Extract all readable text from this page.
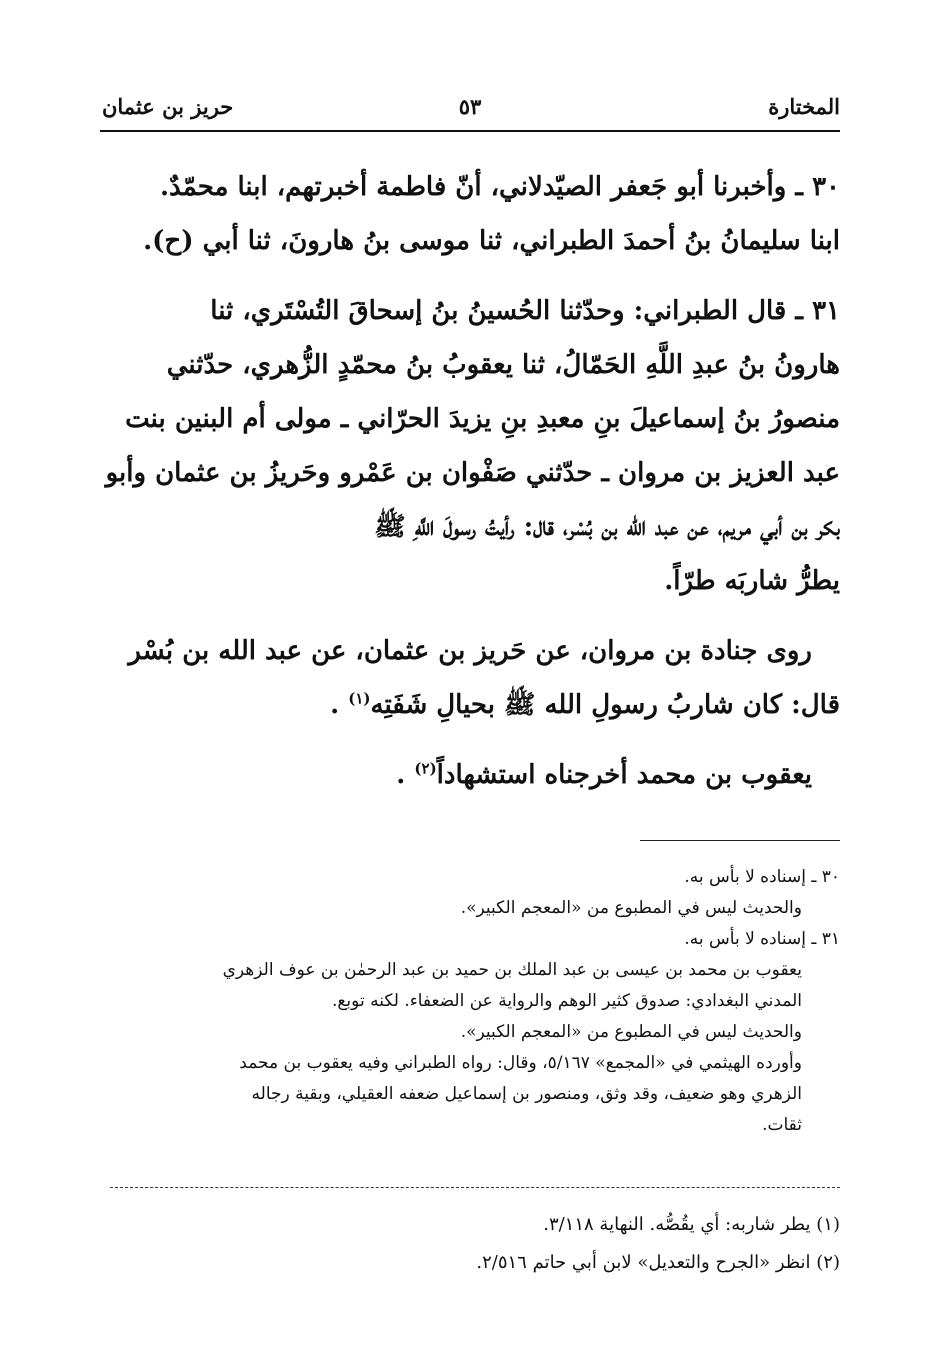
المختارة
٥٣
حريز بن عثمان

٣٠ ـ وأخبرنا أبو جَعفر الصيّدلاني، أنّ فاطمة أخبرتهم، ابنا محمّدٌ.

ابنا سليمانُ بنُ أحمدَ الطبراني، ثنا موسى بنُ هارونَ، ثنا أبي (ح).

٣١ ـ قال الطبراني: وحدّثنا الحُسينُ بنُ إسحاقَ التُسْتَري، ثنا

هارونُ بنُ عبدِ اللَّهِ الحَمّالُ، ثنا يعقوبُ بنُ محمّدٍ الزُّهري، حدّثني

منصورُ بنُ إسماعيلَ بنِ معبدِ بنِ يزيدَ الحرّاني ـ مولى أم البنين بنت

عبد العزيز بن مروان ـ حدّثني صَفْوان بن عَمْرو وحَريزُ بن عثمان وأبو

بكر بن أبي مريم، عن عبد الله بن بُسْر، قال: رأيتُ رسولَ اللَّهِ ﷺ

يطرُّ شاربَه طرّاً.

روى جنادة بن مروان، عن حَريز بن عثمان، عن عبد الله بن بُسْر

قال: كان شاربُ رسولِ الله ﷺ بحيالِ شَفَتِه$^{(١)}$ .

يعقوب بن محمد أخرجناه استشهاداً$^{(٢)}$ .

٣٠ ـ إسناده لا بأس به.

والحديث ليس في المطبوع من «المعجم الكبير».

٣١ ـ إسناده لا بأس به.

يعقوب بن محمد بن عيسى بن عبد الملك بن حميد بن عبد الرحمٰن بن عوف الزهري

المدني البغدادي: صدوق كثير الوهم والرواية عن الضعفاء. لكنه توبع.

والحديث ليس في المطبوع من «المعجم الكبير».

وأورده الهيثمي في «المجمع» ٥/١٦٧، وقال: رواه الطبراني وفيه يعقوب بن محمد

الزهري وهو ضعيف، وقد وثق، ومنصور بن إسماعيل ضعفه العقيلي، وبقية رجاله

ثقات.

(١) يطر شاربه: أي يقُصُّه. النهاية ٣/١١٨.

(٢) انظر «الجرح والتعديل» لابن أبي حاتم ٢/٥١٦.
